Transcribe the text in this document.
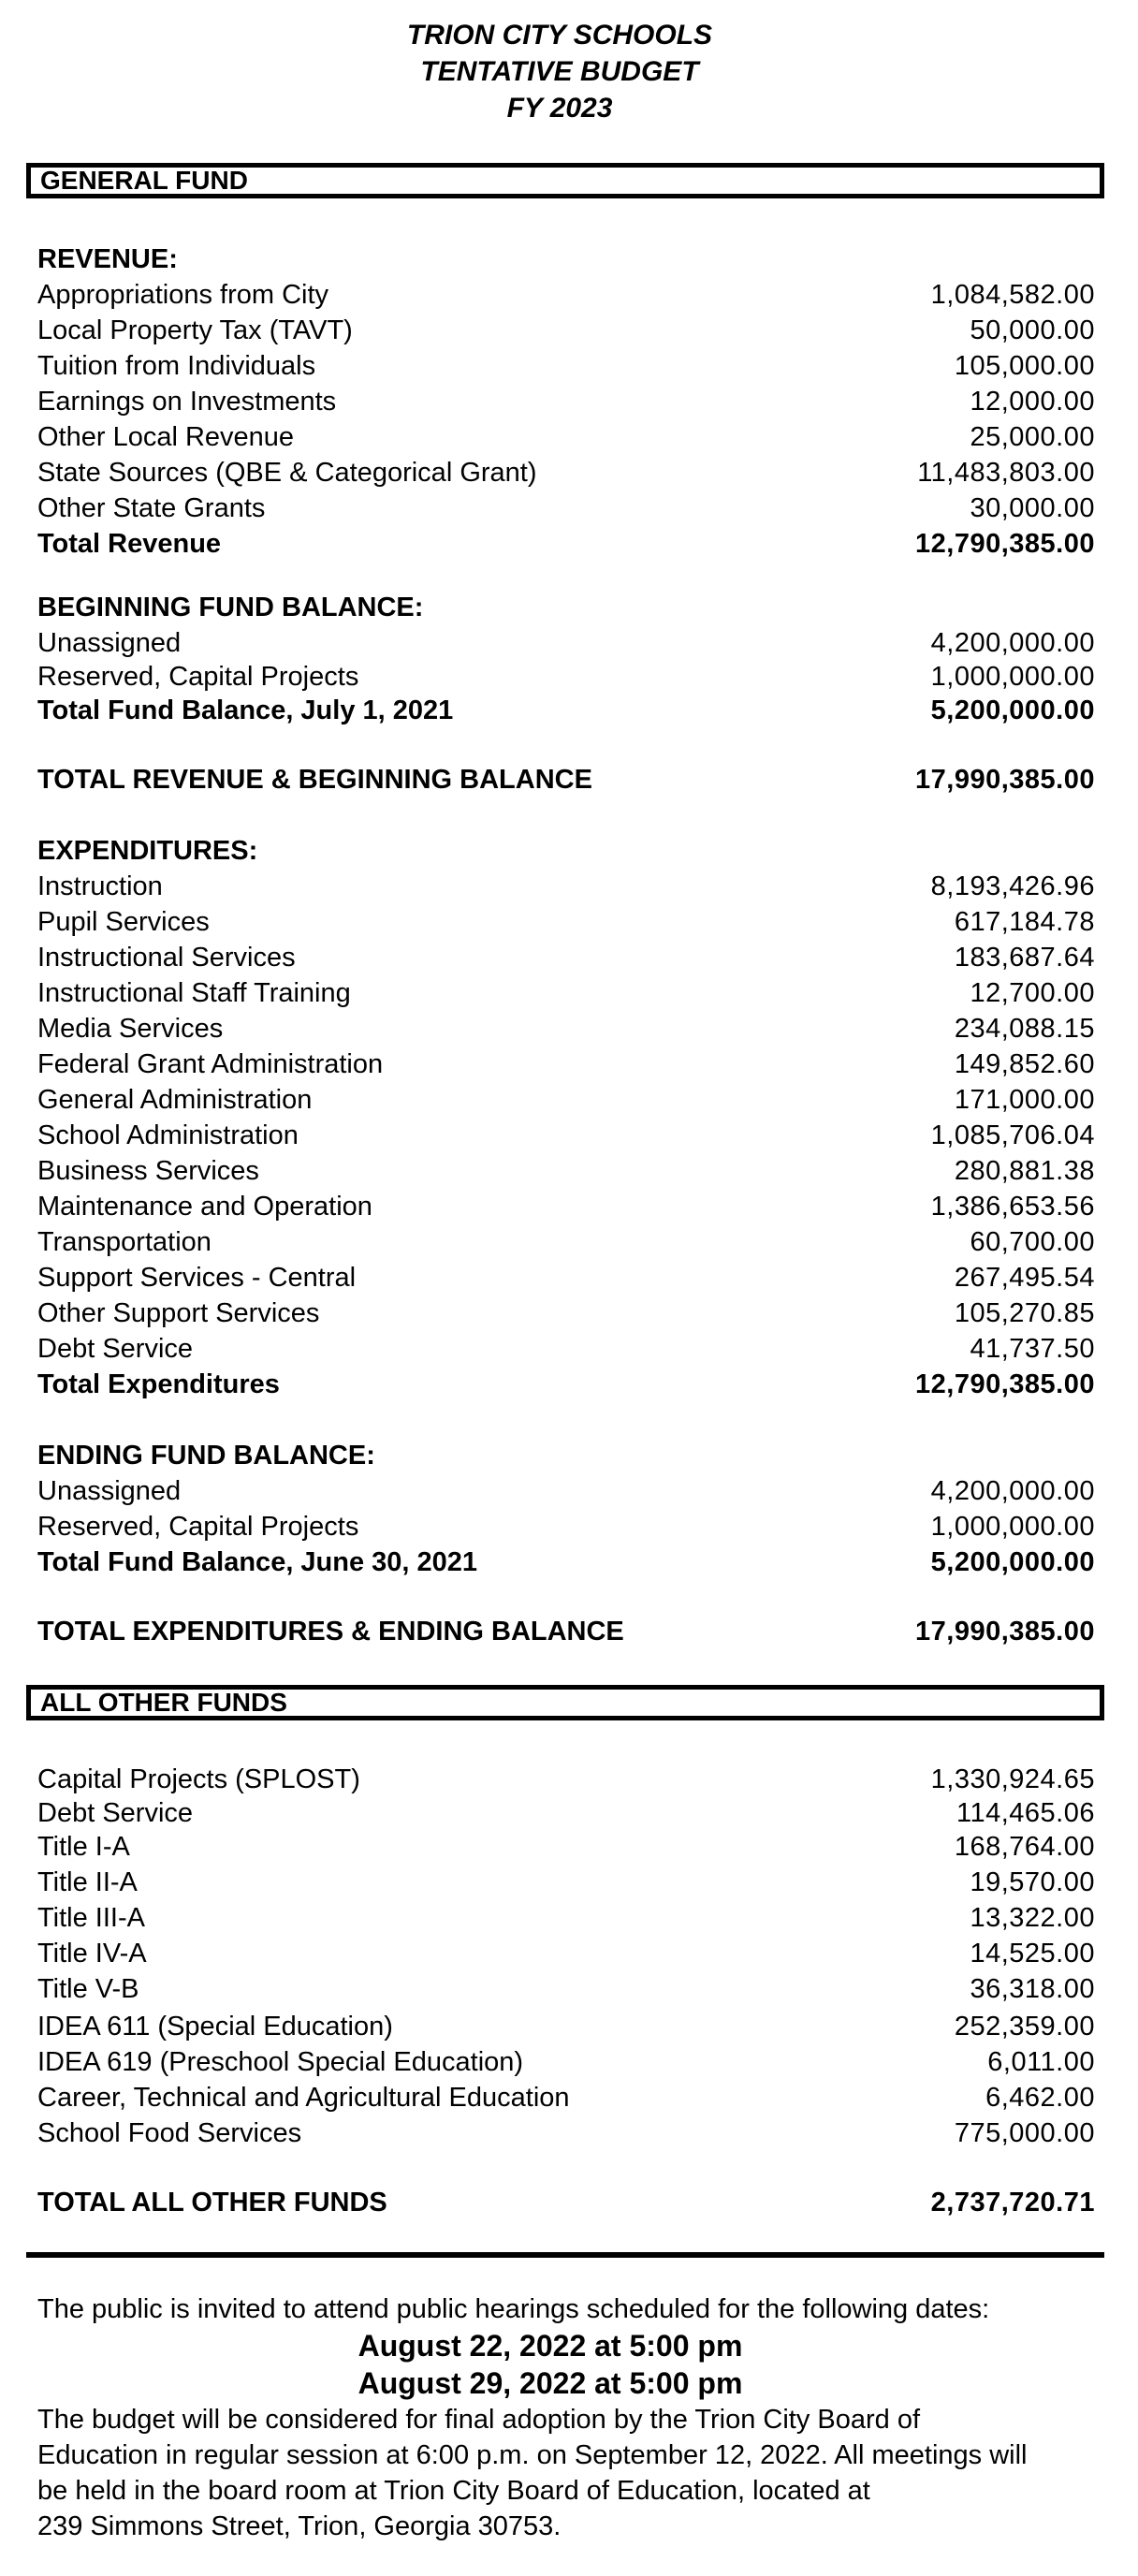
TRION CITY SCHOOLS
TENTATIVE BUDGET
FY 2023
GENERAL FUND
REVENUE:
Appropriations from City	1,084,582.00
Local Property Tax (TAVT)	50,000.00
Tuition from Individuals	105,000.00
Earnings on Investments	12,000.00
Other Local Revenue	25,000.00
State Sources (QBE & Categorical Grant)	11,483,803.00
Other State Grants	30,000.00
Total Revenue	12,790,385.00
BEGINNING FUND BALANCE:
Unassigned	4,200,000.00
Reserved, Capital Projects	1,000,000.00
Total Fund Balance, July 1, 2021	5,200,000.00
TOTAL REVENUE & BEGINNING BALANCE	17,990,385.00
EXPENDITURES:
Instruction	8,193,426.96
Pupil Services	617,184.78
Instructional Services	183,687.64
Instructional Staff Training	12,700.00
Media Services	234,088.15
Federal Grant Administration	149,852.60
General Administration	171,000.00
School Administration	1,085,706.04
Business Services	280,881.38
Maintenance and Operation	1,386,653.56
Transportation	60,700.00
Support Services - Central	267,495.54
Other Support Services	105,270.85
Debt Service	41,737.50
Total Expenditures	12,790,385.00
ENDING FUND BALANCE:
Unassigned	4,200,000.00
Reserved, Capital Projects	1,000,000.00
Total Fund Balance, June 30, 2021	5,200,000.00
TOTAL EXPENDITURES & ENDING BALANCE	17,990,385.00
ALL OTHER FUNDS
Capital Projects (SPLOST)	1,330,924.65
Debt Service	114,465.06
Title I-A	168,764.00
Title II-A	19,570.00
Title III-A	13,322.00
Title IV-A	14,525.00
Title V-B	36,318.00
IDEA 611 (Special Education)	252,359.00
IDEA 619 (Preschool Special Education)	6,011.00
Career, Technical and Agricultural Education	6,462.00
School Food Services	775,000.00
TOTAL ALL OTHER FUNDS	2,737,720.71
The public is invited to attend public hearings scheduled for the following dates:
August 22, 2022 at 5:00 pm
August 29, 2022 at 5:00 pm
The budget will be considered for final adoption by the Trion City Board of
Education in regular session at 6:00 p.m. on September 12, 2022. All meetings will
be held in the board room at Trion City Board of Education, located at
239 Simmons Street, Trion, Georgia 30753.
